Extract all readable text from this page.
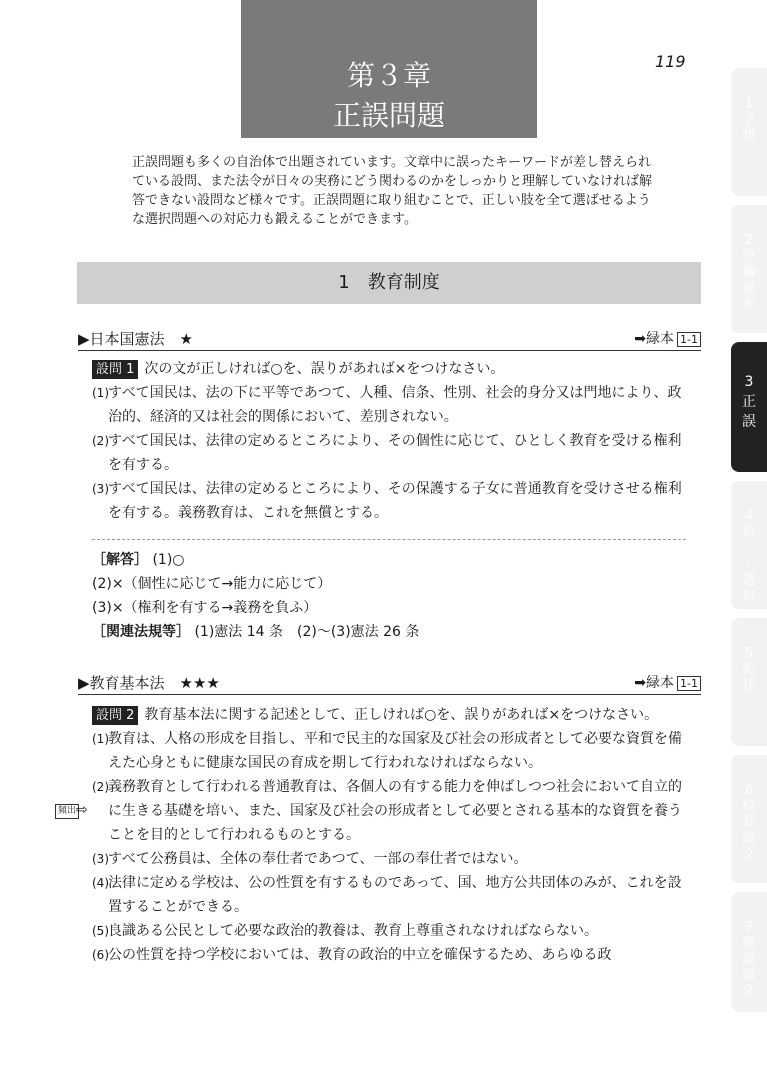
第３章
正誤問題
119
正誤問題も多くの自治体で出題されています。文章中に誤ったキーワードが差し替えられている設問、また法令が日々の実務にどう関わるのかをしっかりと理解していなければ解答できない設問など様々です。正誤問題に取り組むことで、正しい肢を全て選ばせるような選択問題への対応力も鍛えることができます。
1　教育制度
1
予
想
2
空
欄
補
充
3
正
誤
4
択
一
・
選
択
5
記
述
6
校
長
論
文
7
教
頭
論
文
▶日本国憲法　★	➡緑本 1-1
設問 1 次の文が正しければ○を、誤りがあれば×をつけなさい。
(1) すべて国民は、法の下に平等であつて、人種、信条、性別、社会的身分又は門地により、政治的、経済的又は社会的関係において、差別されない。
(2) すべて国民は、法律の定めるところにより、その個性に応じて、ひとしく教育を受ける権利を有する。
(3) すべて国民は、法律の定めるところにより、その保護する子女に普通教育を受けさせる権利を有する。義務教育は、これを無償とする。
［解答］ (1)○
(2)×（個性に応じて→能力に応じて）
(3)×（権利を有する→義務を負ふ）
［関連法規等］ (1)憲法 14 条　(2)〜(3)憲法 26 条
▶教育基本法　★★★	➡緑本 1-1
頻出 ⇨
設問 2 教育基本法に関する記述として、正しければ○を、誤りがあれば×をつけなさい。
(1) 教育は、人格の形成を目指し、平和で民主的な国家及び社会の形成者として必要な資質を備えた心身ともに健康な国民の育成を期して行われなければならない。
(2) 義務教育として行われる普通教育は、各個人の有する能力を伸ばしつつ社会において自立的に生きる基礎を培い、また、国家及び社会の形成者として必要とされる基本的な資質を養うことを目的として行われるものとする。
(3) すべて公務員は、全体の奉仕者であつて、一部の奉仕者ではない。
(4) 法律に定める学校は、公の性質を有するものであって、国、地方公共団体のみが、これを設置することができる。
(5) 良識ある公民として必要な政治的教養は、教育上尊重されなければならない。
(6) 公の性質を持つ学校においては、教育の政治的中立を確保するため、あらゆる政
